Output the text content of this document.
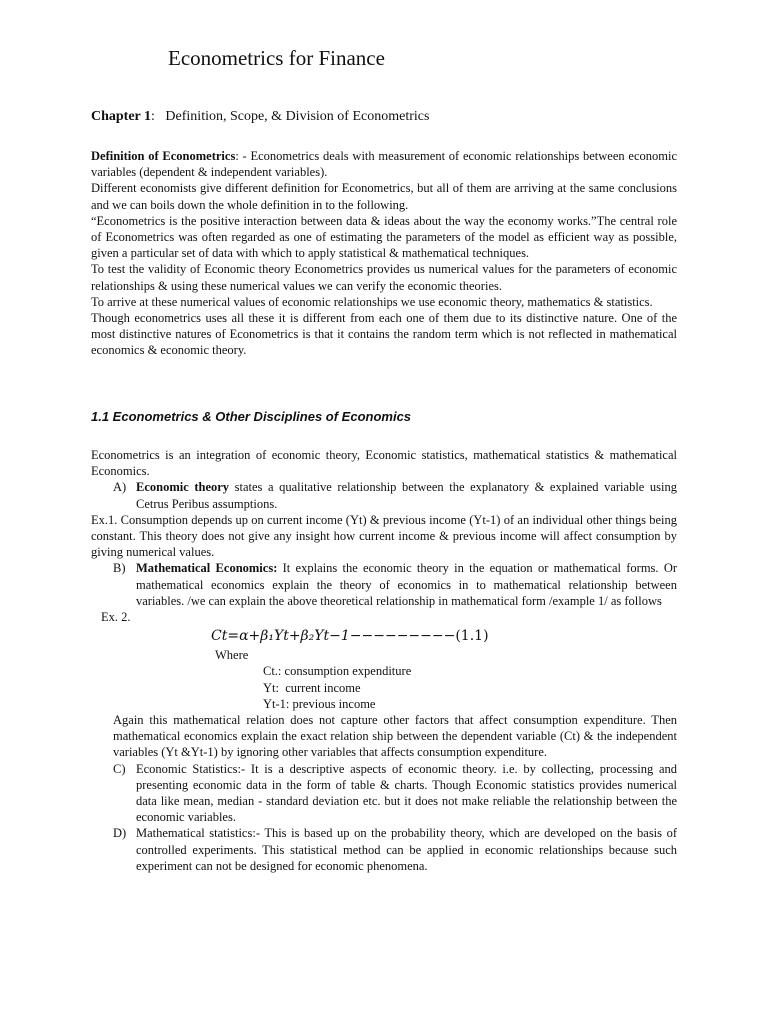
Econometrics for Finance
Chapter 1:   Definition, Scope, & Division of Econometrics

Definition of Econometrics: - Econometrics deals with measurement of economic relationships between economic variables (dependent & independent variables).

Different economists give different definition for Econometrics, but all of them are arriving at the same conclusions and we can boils down the whole definition in to the following.

“Econometrics is the positive interaction between data & ideas about the way the economy works.”The central role of Econometrics was often regarded as one of estimating the parameters of the model as efficient way as possible, given a particular set of data with which to apply statistical & mathematical techniques.

To test the validity of Economic theory Econometrics provides us numerical values for the parameters of economic relationships & using these numerical values we can verify the economic theories.

To arrive at these numerical values of economic relationships we use economic theory, mathematics & statistics.

Though econometrics uses all these it is different from each one of them due to its distinctive nature. One of the most distinctive natures of Econometrics is that it contains the random term which is not reflected in mathematical economics & economic theory.

1.1 Econometrics & Other Disciplines of Economics

Econometrics is an integration of economic theory, Economic statistics, mathematical statistics & mathematical Economics.

A) Economic theory states a qualitative relationship between the explanatory & explained variable using Cetrus Peribus assumptions.

Ex.1. Consumption depends up on current income (Yt) & previous income (Yt-1) of an individual other things being constant. This theory does not give any insight how current income & previous income will affect consumption by giving numerical values.

B) Mathematical Economics: It explains the economic theory in the equation or mathematical forms. Or mathematical economics explain the theory of economics in to mathematical relationship between variables. /we can explain the above theoretical relationship in mathematical form /example 1/ as follows

Ex. 2.

Ct=α+β₁Yt+β₂Yt−1−−−−−−−−−(1.1)

Where

Ct.: consumption expenditure

Yt:  current income

Yt-1: previous income

Again this mathematical relation does not capture other factors that affect consumption expenditure. Then mathematical economics explain the exact relation ship between the dependent variable (Ct) & the independent variables (Yt &Yt-1) by ignoring other variables that affects consumption expenditure.

C) Economic Statistics:- It is a descriptive aspects of economic theory. i.e. by collecting, processing and presenting economic data in the form of table & charts. Though Economic statistics provides numerical data like mean, median - standard deviation etc. but it does not make reliable the relationship between the economic variables.

D) Mathematical statistics:- This is based up on the probability theory, which are developed on the basis of controlled experiments. This statistical method can be applied in economic relationships because such experiment can not be designed for economic phenomena.
